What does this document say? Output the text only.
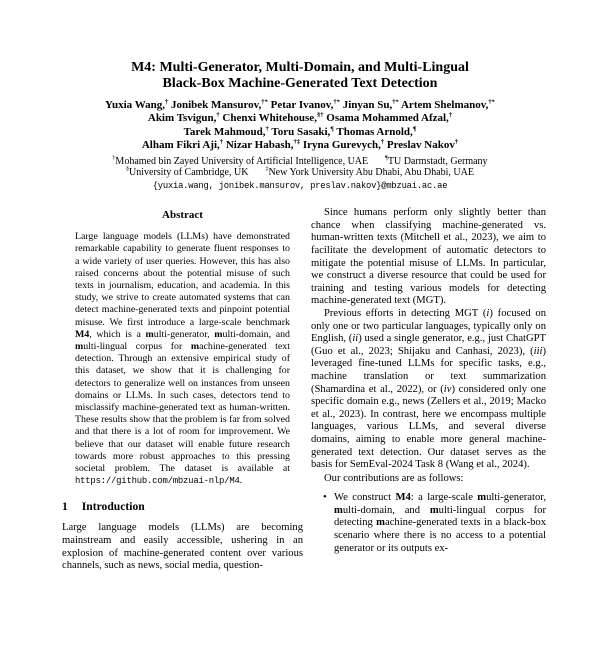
M4: Multi-Generator, Multi-Domain, and Multi-Lingual
Black-Box Machine-Generated Text Detection
Yuxia Wang,† Jonibek Mansurov,†* Petar Ivanov,†* Jinyan Su,†* Artem Shelmanov,†*
Akim Tsvigun,† Chenxi Whitehouse,§† Osama Mohammed Afzal,†
Tarek Mahmoud,† Toru Sasaki,¶ Thomas Arnold,¶
Alham Fikri Aji,† Nizar Habash,†‡ Iryna Gurevych,† Preslav Nakov†
†Mohamed bin Zayed University of Artificial Intelligence, UAE	¶TU Darmstadt, Germany
§University of Cambridge, UK	‡New York University Abu Dhabi, Abu Dhabi, UAE
{yuxia.wang, jonibek.mansurov, preslav.nakov}@mbzuai.ac.ae
Abstract
Large language models (LLMs) have demonstrated remarkable capability to generate fluent responses to a wide variety of user queries. However, this has also raised concerns about the potential misuse of such texts in journalism, education, and academia. In this study, we strive to create automated systems that can detect machine-generated texts and pinpoint potential misuse. We first introduce a large-scale benchmark M4, which is a multi-generator, multi-domain, and multi-lingual corpus for machine-generated text detection. Through an extensive empirical study of this dataset, we show that it is challenging for detectors to generalize well on instances from unseen domains or LLMs. In such cases, detectors tend to misclassify machine-generated text as human-written. These results show that the problem is far from solved and that there is a lot of room for improvement. We believe that our dataset will enable future research towards more robust approaches to this pressing societal problem. The dataset is available at https://github.com/mbzuai-nlp/M4.
1 Introduction

Large language models (LLMs) are becoming mainstream and easily accessible, ushering in an explosion of machine-generated content over various channels, such as news, social media, question-

Since humans perform only slightly better than chance when classifying machine-generated vs. human-written texts (Mitchell et al., 2023), we aim to facilitate the development of automatic detectors to mitigate the potential misuse of LLMs. In particular, we construct a diverse resource that could be used for training and testing various models for detecting machine-generated text (MGT).

Previous efforts in detecting MGT (i) focused on only one or two particular languages, typically only on English, (ii) used a single generator, e.g., just ChatGPT (Guo et al., 2023; Shijaku and Canhasi, 2023), (iii) leveraged fine-tuned LLMs for specific tasks, e.g., machine translation or text summarization (Shamardina et al., 2022), or (iv) considered only one specific domain e.g., news (Zellers et al., 2019; Macko et al., 2023). In contrast, here we encompass multiple languages, various LLMs, and several diverse domains, aiming to enable more general machine-generated text detection. Our dataset serves as the basis for SemEval-2024 Task 8 (Wang et al., 2024).

Our contributions are as follows:

• We construct M4: a large-scale multi-generator, multi-domain, and multi-lingual corpus for detecting machine-generated texts in a black-box scenario where there is no access to a potential generator or its outputs ex-
